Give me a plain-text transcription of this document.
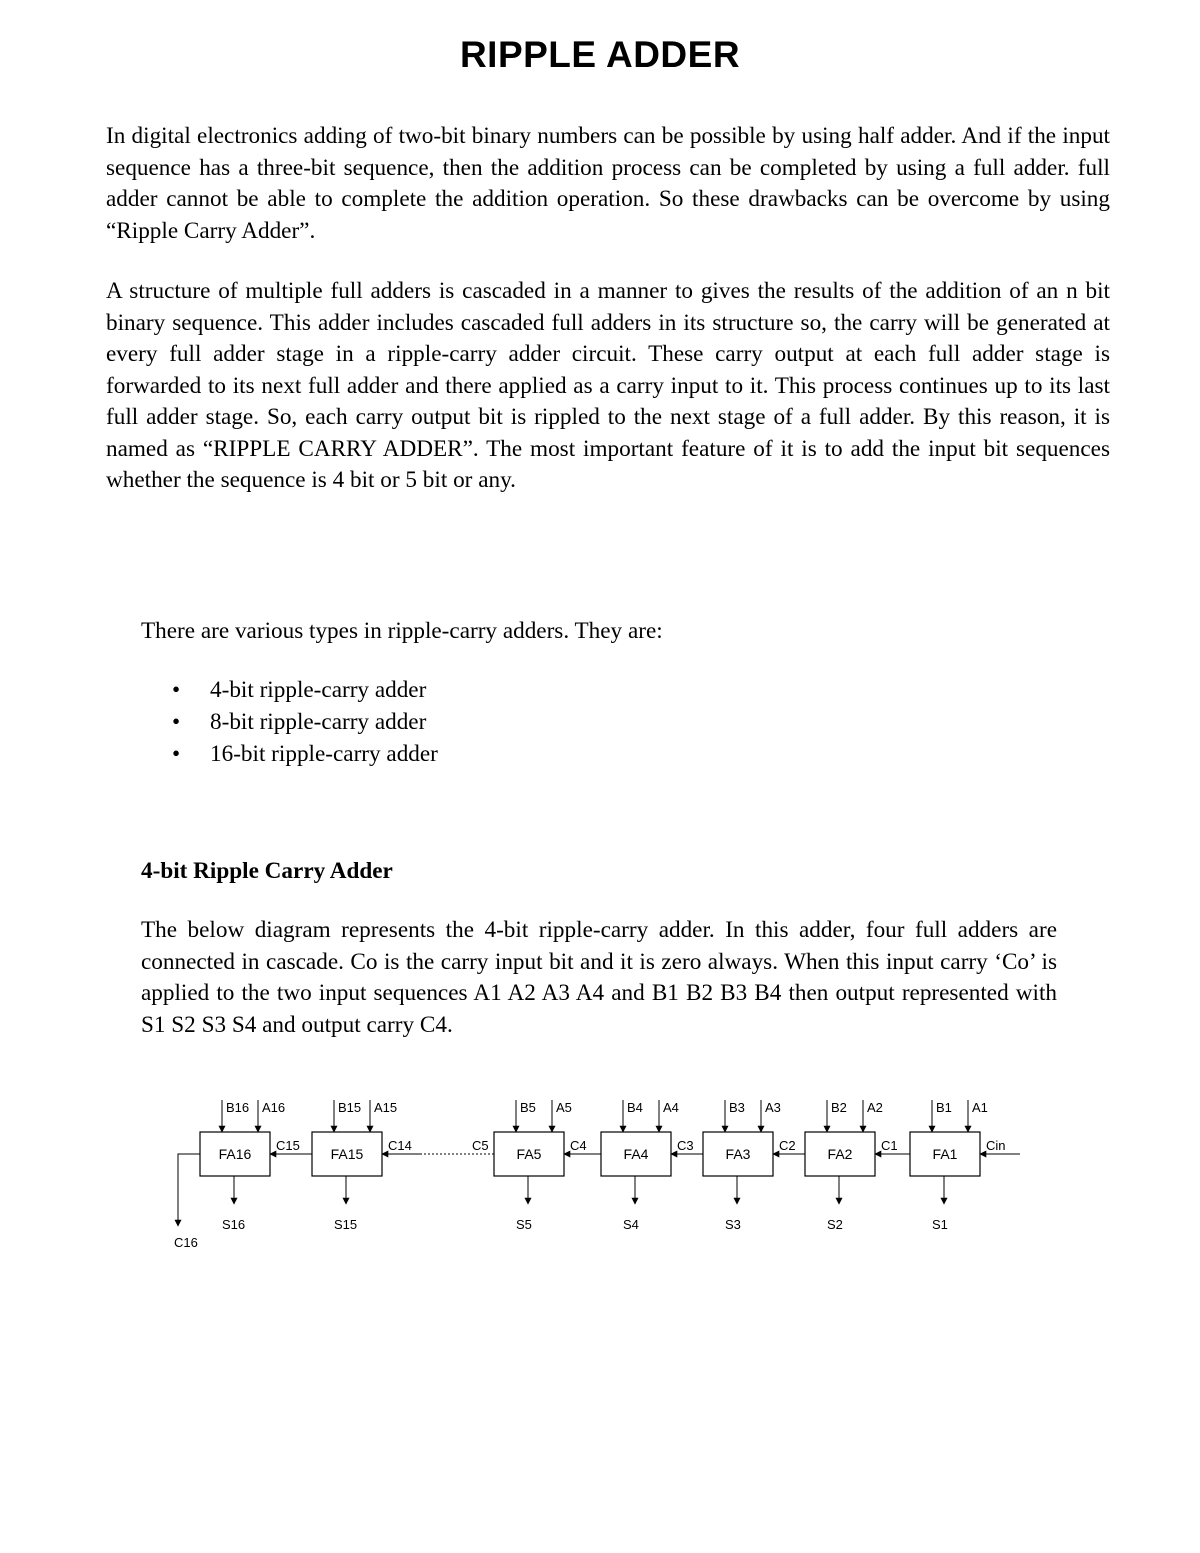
RIPPLE ADDER

In digital electronics adding of two-bit binary numbers can be possible by using half adder. And if the input sequence has a three-bit sequence, then the addition process can be completed by using a full adder. full adder cannot be able to complete the addition operation. So these drawbacks can be overcome by using “Ripple Carry Adder”.

A structure of multiple full adders is cascaded in a manner to gives the results of the addition of an n bit binary sequence. This adder includes cascaded full adders in its structure so, the carry will be generated at every full adder stage in a ripple-carry adder circuit. These carry output at each full adder stage is forwarded to its next full adder and there applied as a carry input to it. This process continues up to its last full adder stage. So, each carry output bit is rippled to the next stage of a full adder. By this reason, it is named as “RIPPLE CARRY ADDER”. The most important feature of it is to add the input bit sequences whether the sequence is 4 bit or 5 bit or any.

There are various types in ripple-carry adders. They are:

• 4-bit ripple-carry adder
• 8-bit ripple-carry adder
• 16-bit ripple-carry adder

4-bit Ripple Carry Adder

The below diagram represents the 4-bit ripple-carry adder. In this adder, four full adders are connected in cascade. Co is the carry input bit and it is zero always. When this input carry ‘Co’ is applied to the two input sequences A1 A2 A3 A4 and B1 B2 B3 B4 then output represented with S1 S2 S3 S4 and output carry C4.

FA16
B16 A16
S16
C15
FA15
B15 A15
S15
C14
FA5
B5 A5
S5
C4
FA4
B4 A4
S4
C3
FA3
B3 A3
S3
C2
FA2
B2 A2
S2
C1
FA1
B1 A1
S1
Cin
C5
C16
